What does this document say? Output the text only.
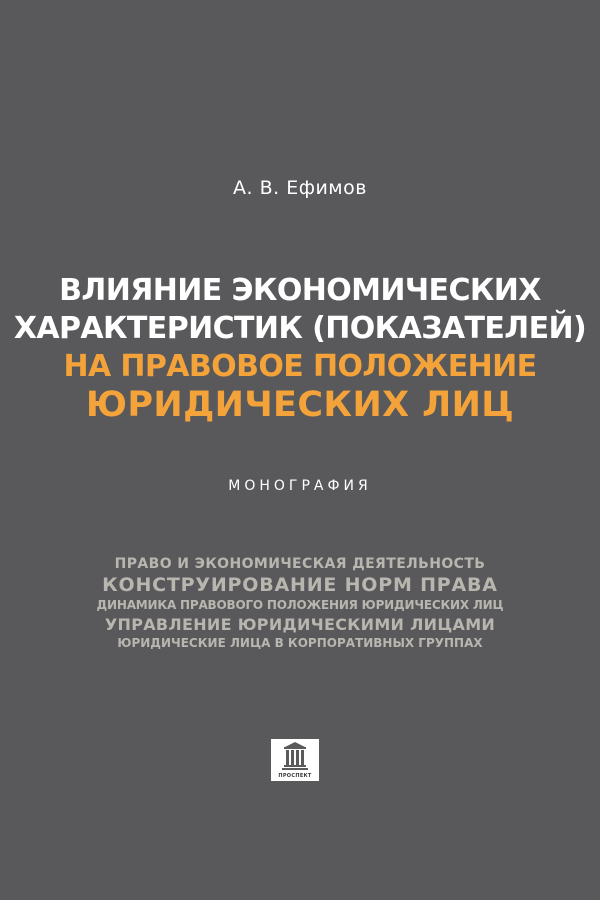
А. В. Ефимов
ВЛИЯНИЕ ЭКОНОМИЧЕСКИХ
ХАРАКТЕРИСТИК (ПОКАЗАТЕЛЕЙ)
НА ПРАВОВОЕ ПОЛОЖЕНИЕ
ЮРИДИЧЕСКИХ ЛИЦ
МОНОГРАФИЯ
ПРАВО И ЭКОНОМИЧЕСКАЯ ДЕЯТЕЛЬНОСТЬ
КОНСТРУИРОВАНИЕ НОРМ ПРАВА
ДИНАМИКА ПРАВОВОГО ПОЛОЖЕНИЯ ЮРИДИЧЕСКИХ ЛИЦ
УПРАВЛЕНИЕ ЮРИДИЧЕСКИМИ ЛИЦАМИ
ЮРИДИЧЕСКИЕ ЛИЦА В КОРПОРАТИВНЫХ ГРУППАХ
ПРОСПЕКТ
